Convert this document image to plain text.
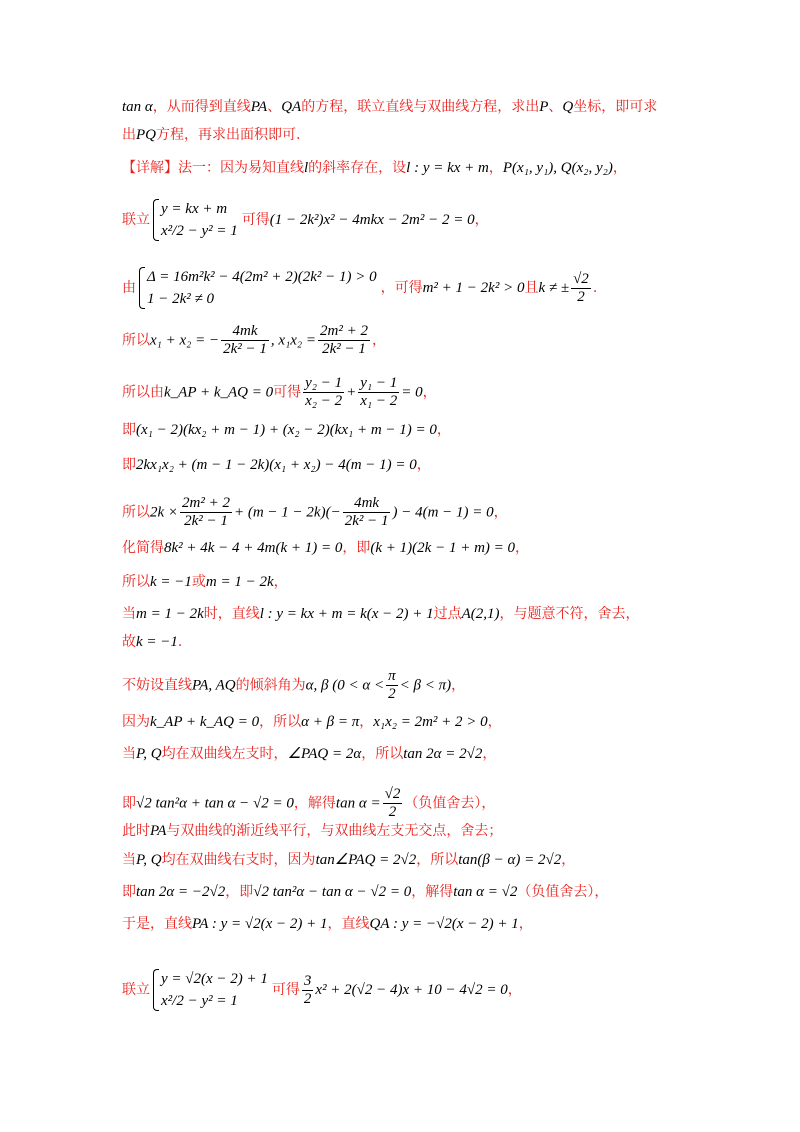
tan α，从而得到直线PA、QA的方程，联立直线与双曲线方程，求出P、Q坐标，即可求
出PQ方程，再求出面积即可.
【详解】法一：因为易知直线l的斜率存在，设l : y = kx + m，P(x₁, y₁), Q(x₂, y₂)，
联立
y = kx + m
x²/2 − y² = 1
可得(1 − 2k²)x² − 4mkx − 2m² − 2 = 0，
由
Δ = 16m²k² − 4(2m² + 2)(2k² − 1) > 0
1 − 2k² ≠ 0
，可得m² + 1 − 2k² > 0且k ≠ ± $\frac{√2}{2}$ .
所以x₁ + x₂ = − $\frac{4mk}{\text{2k² − 1}}$ , $x_1x_2 = \frac{\text{2m² + 2}}{\text{2k² − 1}}$ ，
所以由k_AP + k_AQ = 0可得 $\frac{\text{y₂ − 1}}{\text{x₂ − 2}} + \frac{\text{y₁ − 1}}{\text{x₁ − 2}} = 0$，
即(x₁ − 2)(kx₂ + m − 1) + (x₂ − 2)(kx₁ + m − 1) = 0，
即2kx₁x₂ + (m − 1 − 2k)(x₁ + x₂) − 4(m − 1) = 0，
所以$2k \times \frac{\text{2m² + 2}}{\text{2k² − 1}} + (m - 1 - 2k)(- \frac{4mk}{\text{2k² − 1}}$ ) − 4(m − 1) = 0，
化简得8k² + 4k − 4 + 4m(k + 1) = 0，即(k + 1)(2k − 1 + m) = 0，
所以k = −1或m = 1 − 2k，
当m = 1 − 2k时，直线l : y = kx + m = k(x − 2) + 1过点A(2,1)，与题意不符，舍去，
故k = −1.
不妨设直线PA, AQ的倾斜角为α, β $(0 < \alpha < \frac{\pi}{2} < \beta < \pi)$，
因为k_AP + k_AQ = 0，所以α + β = π，x₁x₂ = 2m² + 2 > 0，
当P, Q均在双曲线左支时，∠PAQ = 2α，所以tan 2α = 2√2，
即√2 tan²α + tan α − √2 = 0，解得$\tan \alpha = \frac{√2}{2}$ （负值舍去），
此时PA与双曲线的渐近线平行，与双曲线左支无交点，舍去；
当P, Q均在双曲线右支时，因为tan∠PAQ = 2√2，所以tan(β − α) = 2√2，
即tan 2α = −2√2，即√2 tan²α − tan α − √2 = 0，解得tan α = √2（负值舍去），
于是，直线PA : y = √2(x − 2) + 1，直线QA : y = −√2(x − 2) + 1，
联立
y = √2(x − 2) + 1
x²/2 − y² = 1
可得 $\frac{3}{2} x^2 + 2(√2 - 4)x + 10 - 4√2 = 0$，
